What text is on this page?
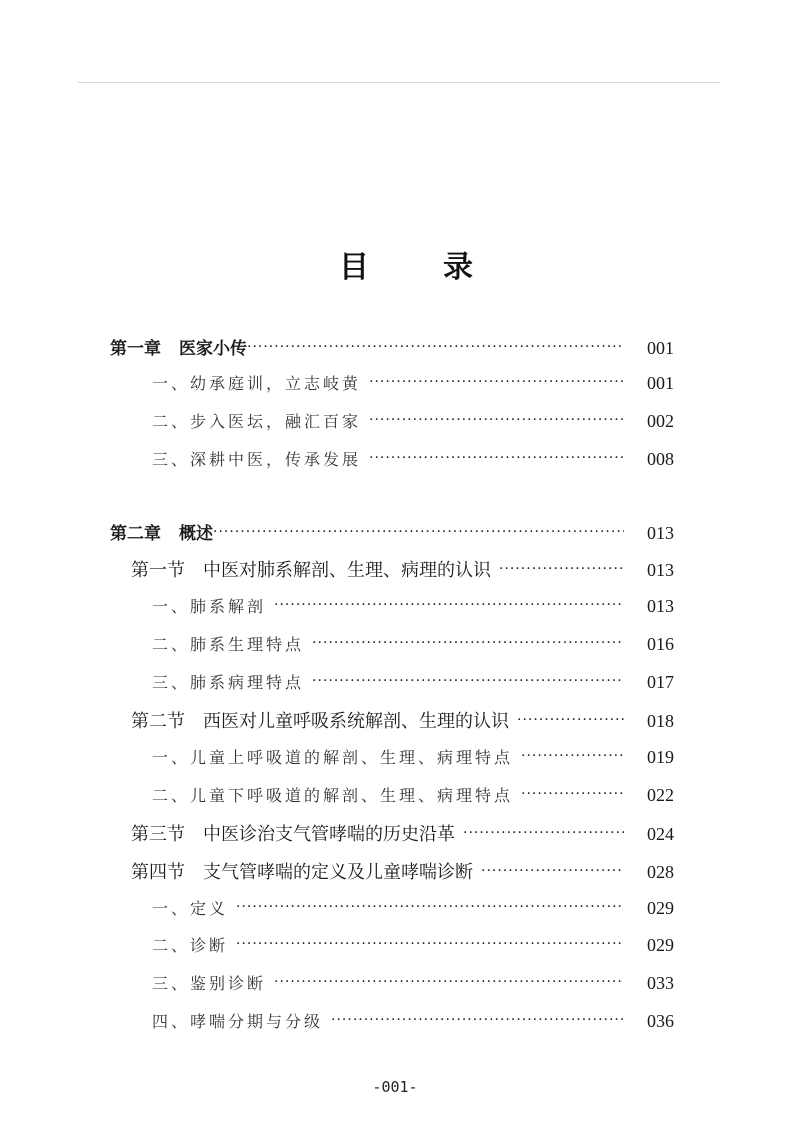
目　录
第一章 医家小传 ·····	001
一、幼承庭训，立志岐黄 ·····	001
二、步入医坛，融汇百家 ·····	002
三、深耕中医，传承发展 ·····	008
第二章 概述 ·····	013
第一节 中医对肺系解剖、生理、病理的认识 ·····	013
一、肺系解剖 ·····	013
二、肺系生理特点 ·····	016
三、肺系病理特点 ·····	017
第二节 西医对儿童呼吸系统解剖、生理的认识 ·····	018
一、儿童上呼吸道的解剖、生理、病理特点 ·····	019
二、儿童下呼吸道的解剖、生理、病理特点 ·····	022
第三节 中医诊治支气管哮喘的历史沿革 ·····	024
第四节 支气管哮喘的定义及儿童哮喘诊断 ·····	028
一、定义 ·····	029
二、诊断 ·····	029
三、鉴别诊断 ·····	033
四、哮喘分期与分级 ·····	036
-001-
